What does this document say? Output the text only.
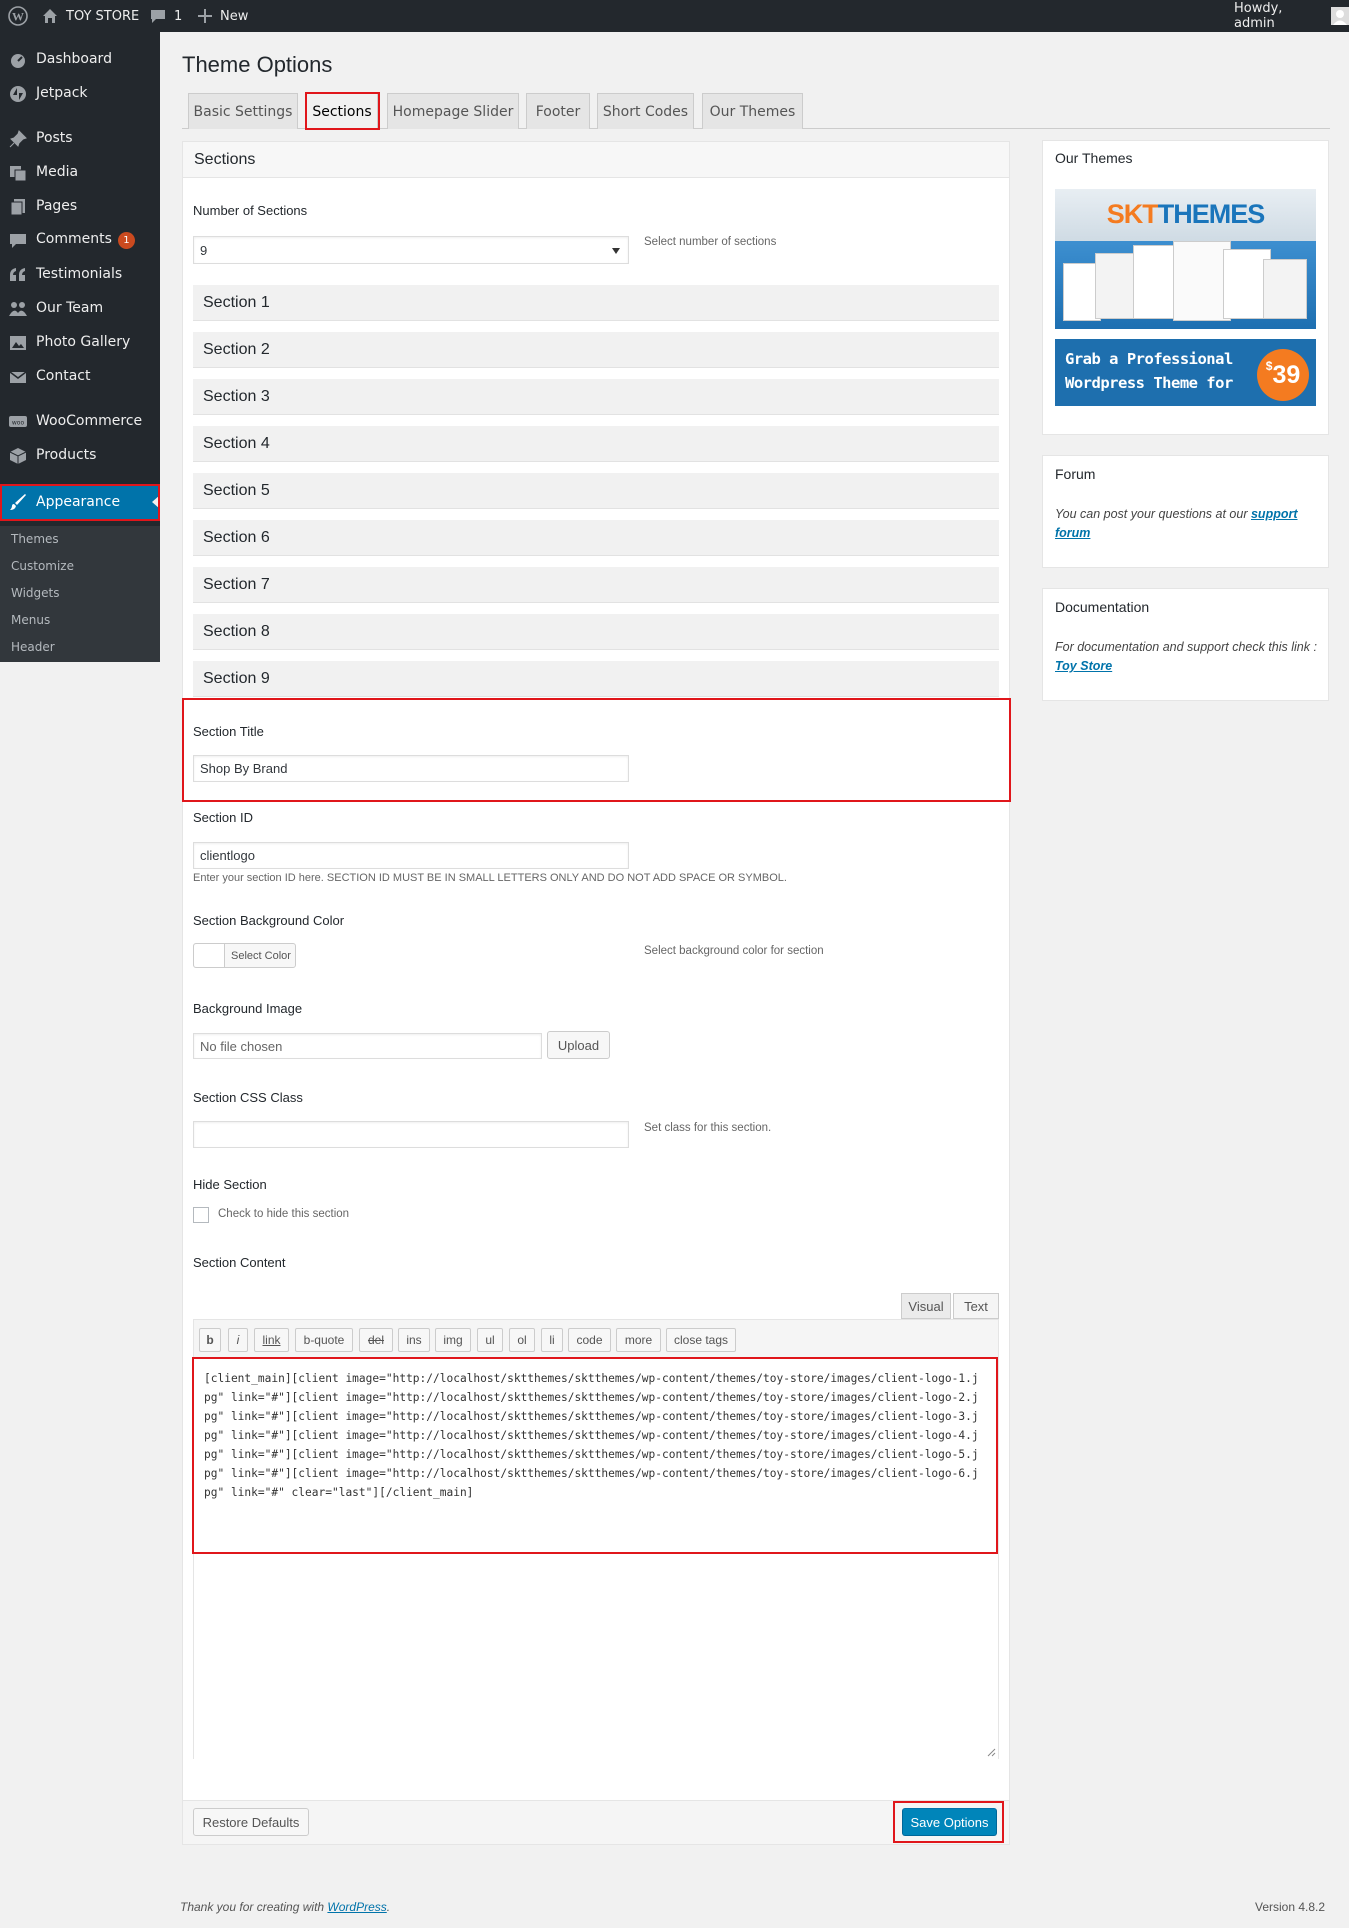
W	TOY STORE	1	New	Howdy, admin
Dashboard
Jetpack
Posts
Media
Pages
Comments 1
Testimonials
Our Team
Photo Gallery
Contact
woo WooCommerce
Products
Appearance
Themes
Customize
Widgets
Menus
Header
Theme Options
Basic Settings	Sections	Homepage Slider	Footer	Short Codes	Our Themes
Sections
Number of Sections
9
Select number of sections
Section 1
Section 2
Section 3
Section 4
Section 5
Section 6
Section 7
Section 8
Section 9
Section Title
Shop By Brand
Section ID
clientlogo
Enter your section ID here. SECTION ID MUST BE IN SMALL LETTERS ONLY AND DO NOT ADD SPACE OR SYMBOL.
Section Background Color
Select Color	Select background color for section
Background Image
No file chosen	Upload
Section CSS Class
Set class for this section.
Hide Section
Check to hide this section
Section Content
Visual	Text
b	i	link	b-quote	del	ins	img	ul	ol	li	code	more	close tags
[client_main][client image="http://localhost/sktthemes/sktthemes/wp-content/themes/toy-store/images/client-logo-1.jpg" link="#"][client image="http://localhost/sktthemes/sktthemes/wp-content/themes/toy-store/images/client-logo-2.jpg" link="#"][client image="http://localhost/sktthemes/sktthemes/wp-content/themes/toy-store/images/client-logo-3.jpg" link="#"][client image="http://localhost/sktthemes/sktthemes/wp-content/themes/toy-store/images/client-logo-4.jpg" link="#"][client image="http://localhost/sktthemes/sktthemes/wp-content/themes/toy-store/images/client-logo-5.jpg" link="#"][client image="http://localhost/sktthemes/sktthemes/wp-content/themes/toy-store/images/client-logo-6.jpg" link="#" clear="last"][/client_main]
Restore Defaults	Save Options
Our Themes
SKTTHEMES
Grab a Professional
Wordpress Theme for
$ 39
Forum
You can post your questions at our support forum
Documentation
For documentation and support check this link : Toy Store
Thank you for creating with WordPress.	Version 4.8.2
